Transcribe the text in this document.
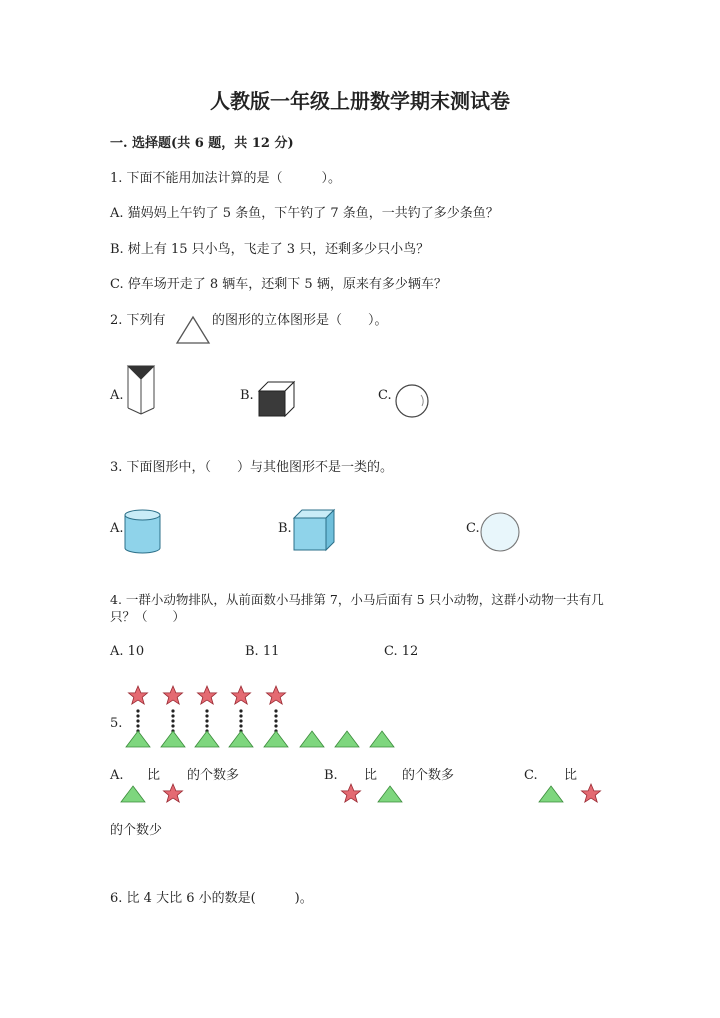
人教版一年级上册数学期末测试卷
一. 选择题(共 6 题，共 12 分)
1. 下面不能用加法计算的是（　　　）。
A. 猫妈妈上午钓了 5 条鱼，下午钓了 7 条鱼，一共钓了多少条鱼？
B. 树上有 15 只小鸟，飞走了 3 只，还剩多少只小鸟？
C. 停车场开走了 8 辆车，还剩下 5 辆，原来有多少辆车？
2. 下列有	的图形的立体图形是（　　）。
A.	B.	C.
3. 下面图形中，（　　）与其他图形不是一类的。
A.	B.	C.
4. 一群小动物排队，从前面数小马排第 7，小马后面有 5 只小动物，这群小动物一共有几
只？（　　）
A. 10	B. 11	C. 12
5.
A. 比 的个数多	B. 比 的个数多	C. 比
的个数少
6. 比 4 大比 6 小的数是(　　　)。
